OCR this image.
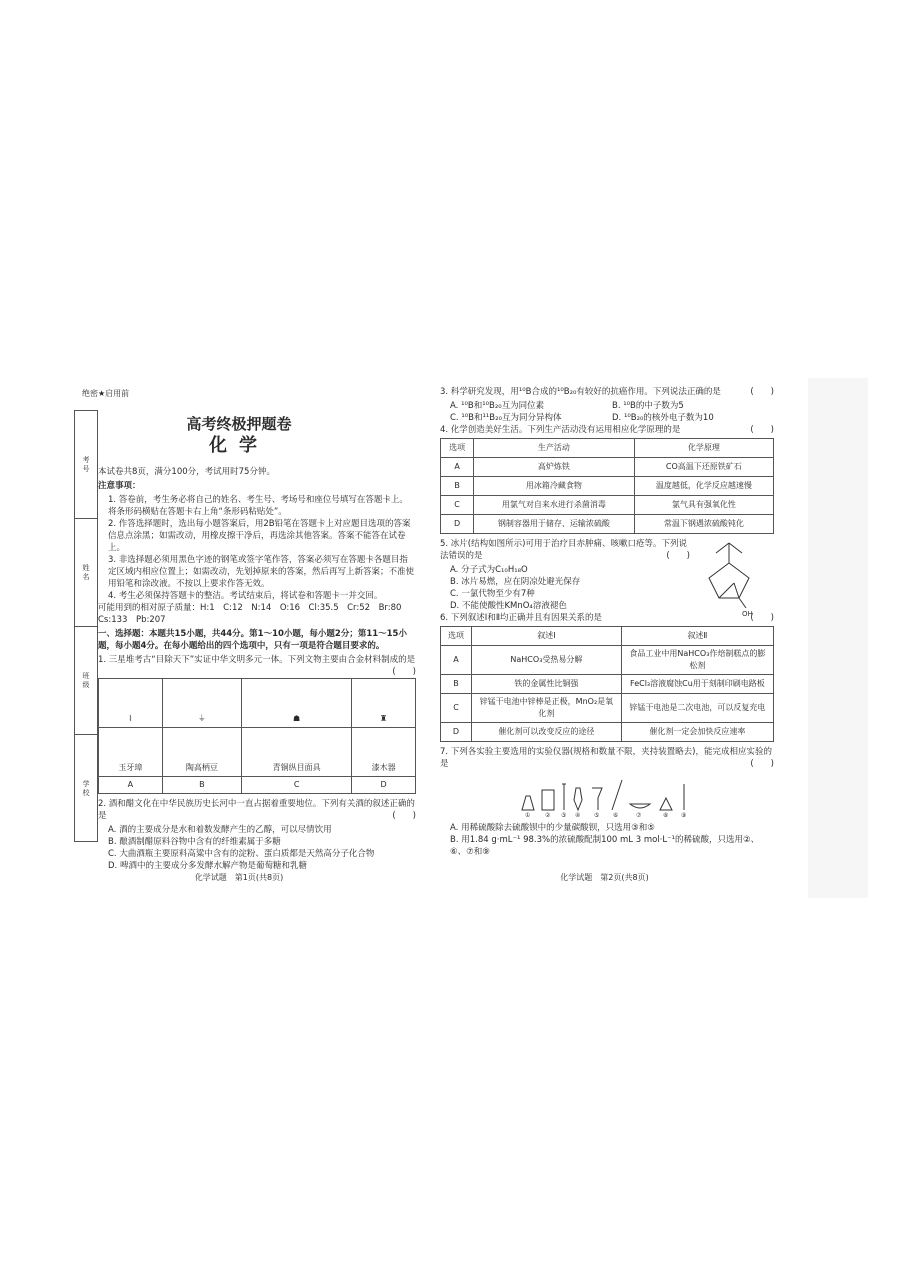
绝密★启用前
考号
姓名
班级
学校
高考终极押题卷
化学

本试卷共8页，满分100分，考试用时75分钟。

注意事项：

1. 答卷前，考生务必将自己的姓名、考生号、考场号和座位号填写在答题卡上。将条形码横贴在答题卡右上角“条形码粘贴处”。

2. 作答选择题时，选出每小题答案后，用2B铅笔在答题卡上对应题目选项的答案信息点涂黑；如需改动，用橡皮擦干净后，再选涂其他答案。答案不能答在试卷上。

3. 非选择题必须用黑色字迹的钢笔或签字笔作答，答案必须写在答题卡各题目指定区域内相应位置上；如需改动，先划掉原来的答案，然后再写上新答案；不准使用铅笔和涂改液。不按以上要求作答无效。

4. 考生必须保持答题卡的整洁。考试结束后，将试卷和答题卡一并交回。

可能用到的相对原子质量：H:1　C:12　N:14　O:16　Cl:35.5　Cr:52　Br:80　Cs:133　Pb:207

一、选择题：本题共15小题，共44分。第1～10小题，每小题2分；第11～15小题，每小题4分。在每小题给出的四个选项中，只有一项是符合题目要求的。

1. 三星堆考古“目除天下”实证中华文明多元一体。下列文物主要由合金材料制成的是
(　　)

⌇	⏚	☗	♜
玉牙璋	陶高柄豆	青铜纵目面具	漆木器
A	B	C	D

2. 酒和醋文化在中华民族历史长河中一直占据着重要地位。下列有关酒的叙述正确的是	(　　)

A. 酒的主要成分是水和着数发酵产生的乙醇，可以尽情饮用

B. 酿酒制醋原料谷物中含有的纤维素属于多糖

C. 大曲酒瓶主要原料高粱中含有的淀粉、蛋白质都是天然高分子化合物

D. 啤酒中的主要成分多发酵水解产物是葡萄糖和乳糖

化学试题　第1页(共8页)

3. 科学研究发现，用¹⁰B合成的¹⁰B₂₀有较好的抗癌作用。下列说法正确的是	(　　)

A. ¹⁰B和¹⁰B₂₀互为同位素	B. ¹⁰B的中子数为5
C. ¹⁰B和¹¹B₂₀互为同分异构体	D. ¹⁰B₂₀的核外电子数为10

4. 化学创造美好生活。下列生产活动没有运用相应化学原理的是	(　　)

选项	生产活动	化学原理
A	高炉炼铁	CO高温下还原铁矿石
B	用冰箱冷藏食物	温度越低，化学反应越速慢
C	用氯气对自来水进行杀菌消毒	氯气具有强氧化性
D	钢制容器用于储存、运输浓硫酸	常温下钢遇浓硫酸钝化

5. 冰片(结构如图所示)可用于治疗目赤肿痛、咳嗽口疮等。下列说法错误的是	(　　)

A. 分子式为C₁₀H₁₈O

B. 冰片易燃，应在阴凉处避光保存

C. 一氯代物至少有7种

D. 不能使酸性KMnO₄溶液褪色

OH

6. 下列叙述Ⅰ和Ⅱ均正确并且有因果关系的是	(　　)

选项	叙述Ⅰ	叙述Ⅱ
A	NaHCO₃受热易分解	食品工业中用NaHCO₃作焙制糕点的膨松剂
B	铁的金属性比铜强	FeCl₃溶液腐蚀Cu用于刻制印刷电路板
C	锌锰干电池中锌棒是正极，MnO₂是氧化剂	锌锰干电池是二次电池，可以反复充电
D	催化剂可以改变反应的途径	催化剂一定会加快反应速率

7. 下列各实验主要选用的实验仪器(规格和数量不限，夹持装置略去)，能完成相应实验的是	(　　)

① ② ③ ④ ⑤ ⑥	⑦	⑧ ⑨

A. 用稀硫酸除去硫酸钡中的少量碳酸钡，只选用③和⑤

B. 用1.84 g·mL⁻¹ 98.3%的浓硫酸配制100 mL 3 mol·L⁻¹的稀硫酸，只选用②、⑥、⑦和⑨

化学试题　第2页(共8页)
